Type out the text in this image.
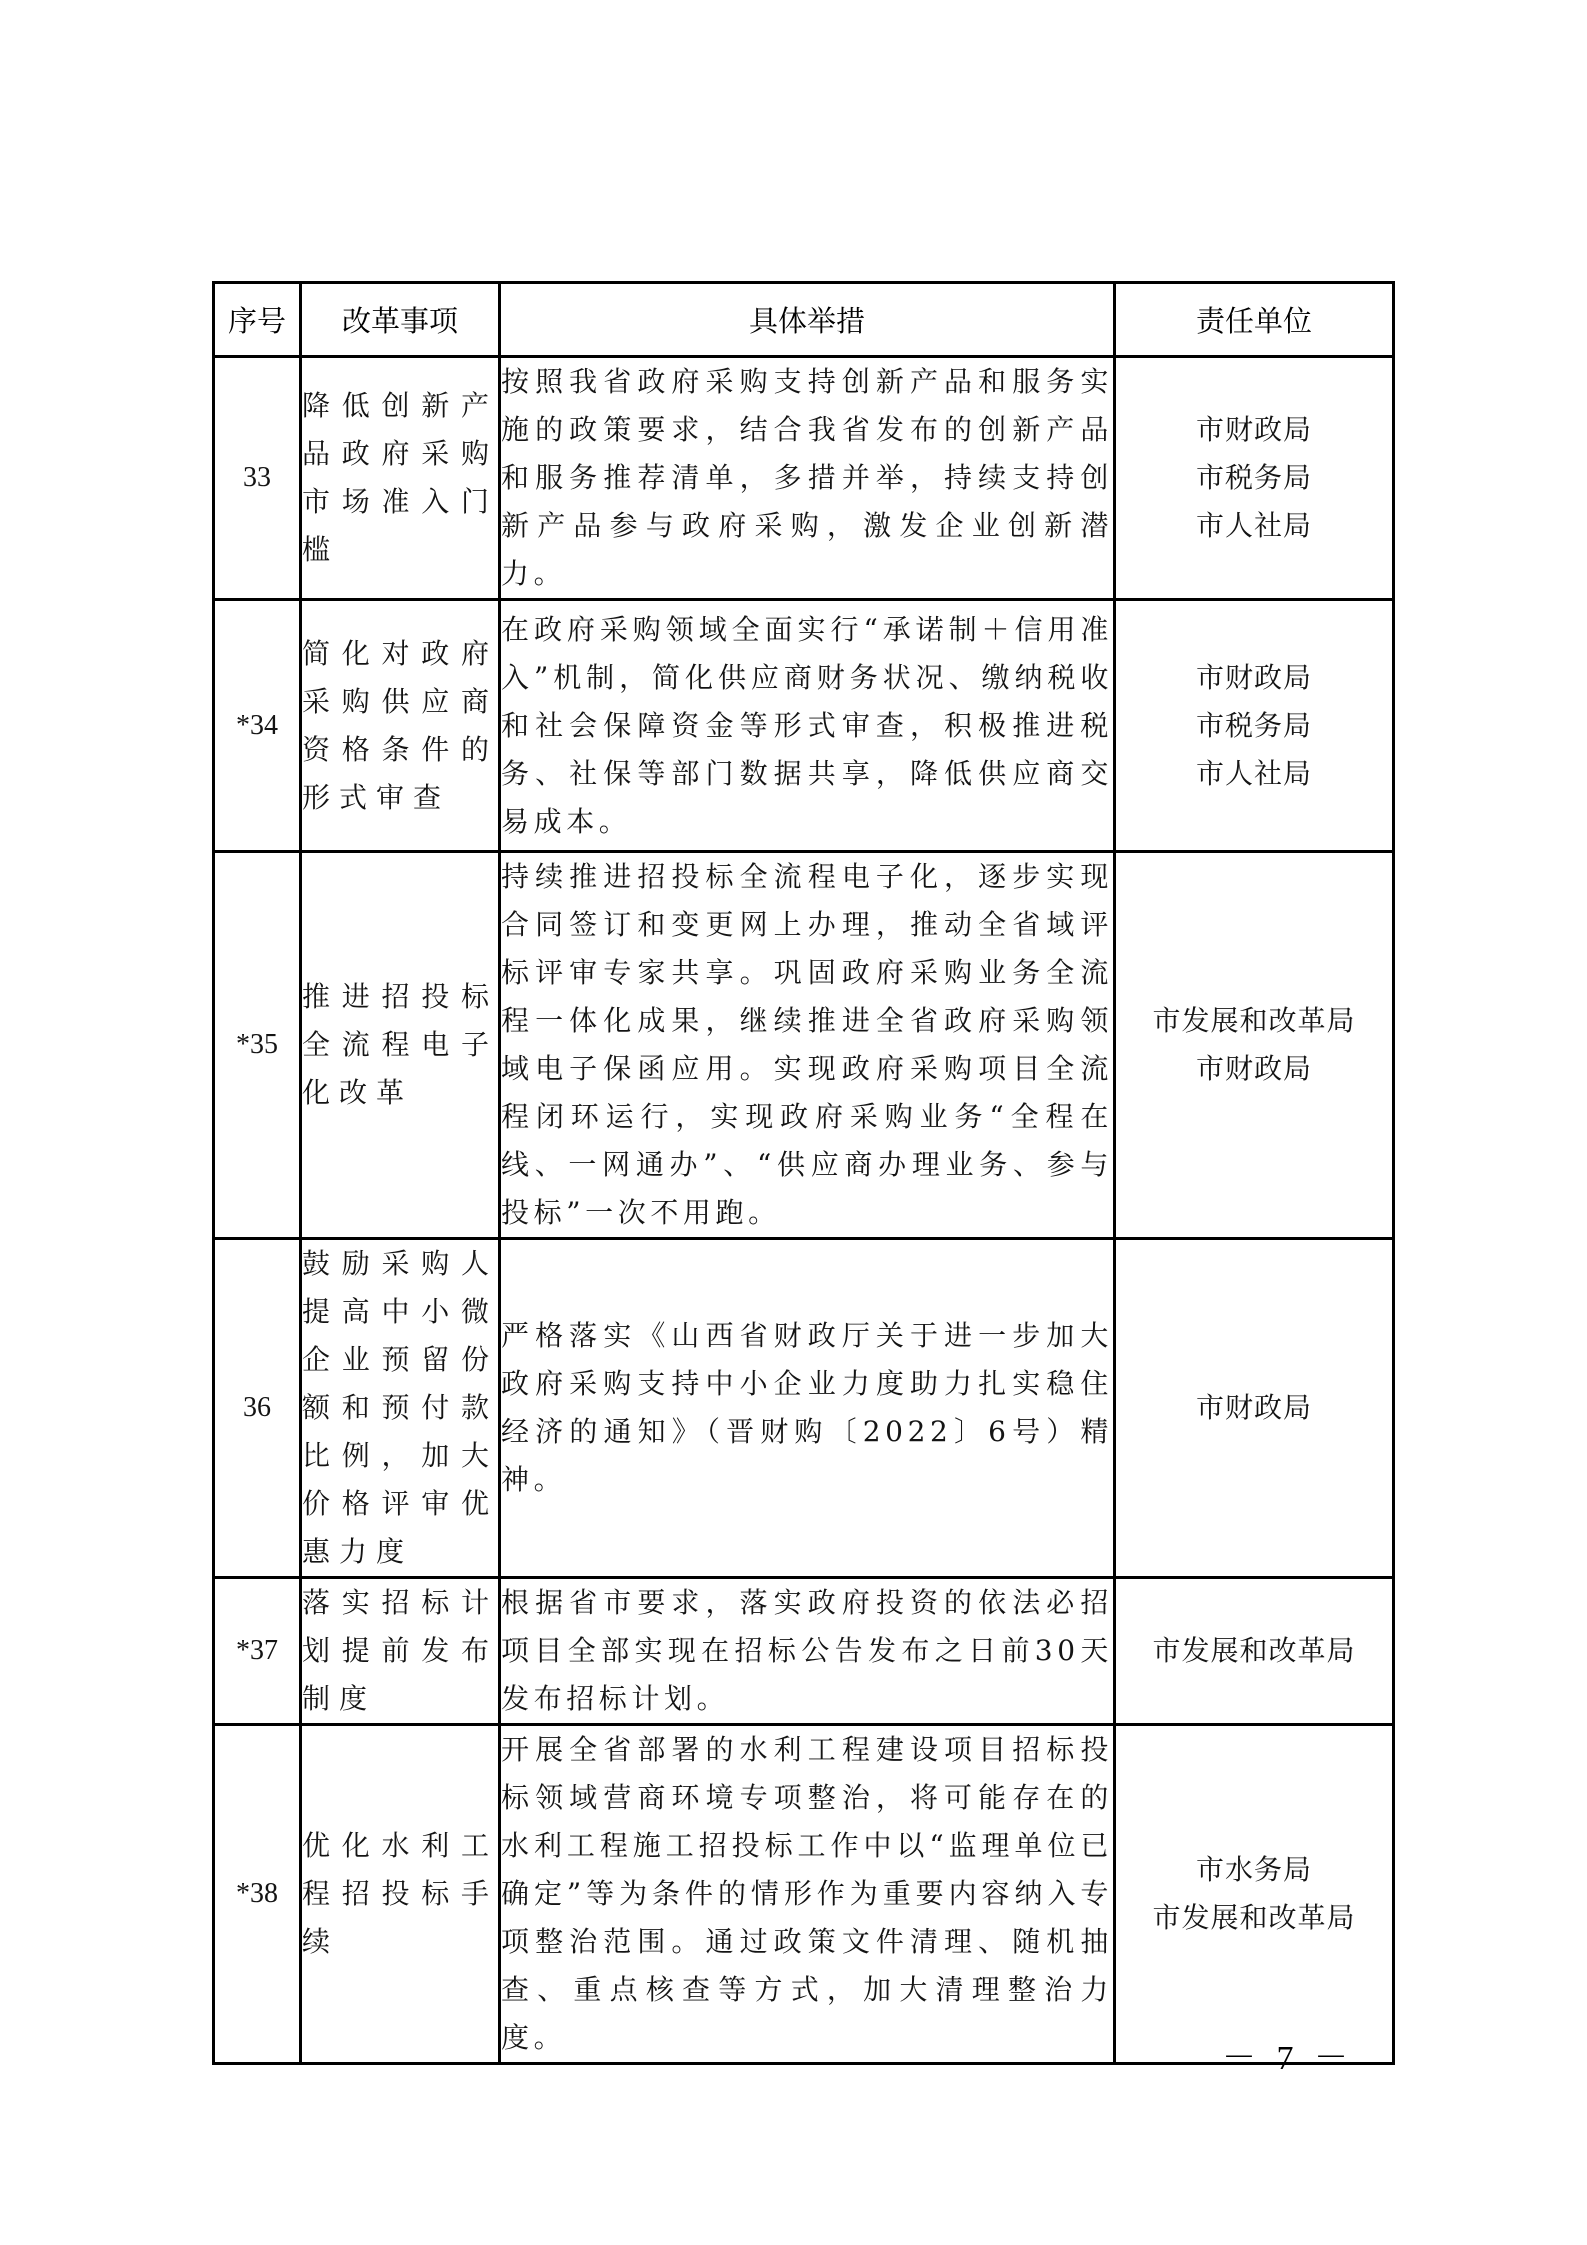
序号	改革事项	具体举措	责任单位
33	降低创新产品政府采购市场准入门槛	按照我省政府采购支持创新产品和服务实施的政策要求，结合我省发布的创新产品和服务推荐清单，多措并举，持续支持创新产品参与政府采购，激发企业创新潜力。	市财政局
市税务局
市人社局

*34	简化对政府采购供应商资格条件的形式审查	在政府采购领域全面实行“承诺制＋信用准入”机制，简化供应商财务状况、缴纳税收和社会保障资金等形式审查，积极推进税务、社保等部门数据共享，降低供应商交易成本。	市财政局
市税务局
市人社局

*35	推进招投标全流程电子化改革	持续推进招投标全流程电子化，逐步实现合同签订和变更网上办理，推动全省域评标评审专家共享。巩固政府采购业务全流程一体化成果，继续推进全省政府采购领域电子保函应用。实现政府采购项目全流程闭环运行，实现政府采购业务“全程在线、一网通办”、“供应商办理业务、参与投标”一次不用跑。	市发展和改革局
市财政局

36	鼓励采购人提高中小微企业预留份额和预付款比例，加大价格评审优惠力度	严格落实《山西省财政厅关于进一步加大政府采购支持中小企业力度助力扎实稳住经济的通知》（晋财购〔2022〕6号）精神。	市财政局

*37	落实招标计划提前发布制度	根据省市要求，落实政府投资的依法必招项目全部实现在招标公告发布之日前30天发布招标计划。	市发展和改革局

*38	优化水利工程招投标手续	开展全省部署的水利工程建设项目招标投标领域营商环境专项整治，将可能存在的水利工程施工招投标工作中以“监理单位已确定”等为条件的情形作为重要内容纳入专项整治范围。通过政策文件清理、随机抽查、重点核查等方式，加大清理整治力度。	市水务局
市发展和改革局
－ 7 －
